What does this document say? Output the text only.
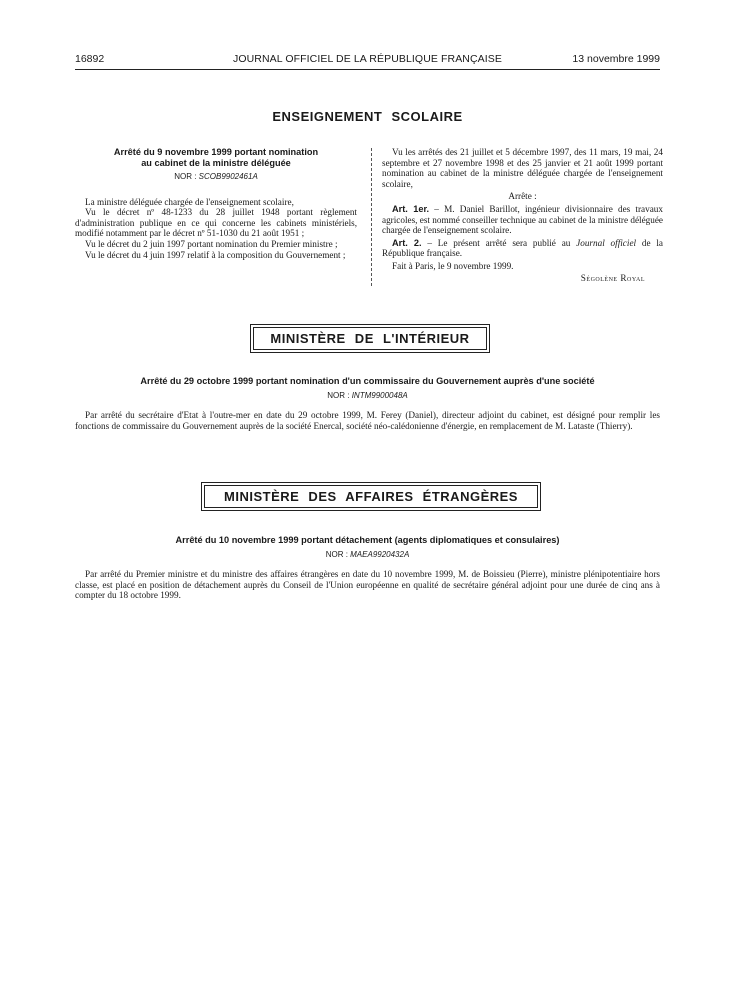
16892	JOURNAL OFFICIEL DE LA RÉPUBLIQUE FRANÇAISE	13 novembre 1999
ENSEIGNEMENT SCOLAIRE
Arrêté du 9 novembre 1999 portant nomination
au cabinet de la ministre déléguée
NOR : SCOB9902461A

La ministre déléguée chargée de l'enseignement scolaire,

Vu le décret nº 48-1233 du 28 juillet 1948 portant règlement d'administration publique en ce qui concerne les cabinets ministériels, modifié notamment par le décret nº 51-1030 du 21 août 1951 ;

Vu le décret du 2 juin 1997 portant nomination du Premier ministre ;

Vu le décret du 4 juin 1997 relatif à la composition du Gouvernement ;

Vu les arrêtés des 21 juillet et 5 décembre 1997, des 11 mars, 19 mai, 24 septembre et 27 novembre 1998 et des 25 janvier et 21 août 1999 portant nomination au cabinet de la ministre déléguée chargée de l'enseignement scolaire,

Arrête :

Art. 1er. – M. Daniel Barillot, ingénieur divisionnaire des travaux agricoles, est nommé conseiller technique au cabinet de la ministre déléguée chargée de l'enseignement scolaire.

Art. 2. – Le présent arrêté sera publié au Journal officiel de la République française.

Fait à Paris, le 9 novembre 1999.

Ségolène Royal

MINISTÈRE DE L'INTÉRIEUR
Arrêté du 29 octobre 1999 portant nomination d'un commissaire du Gouvernement auprès d'une société
NOR : INTM9900048A

Par arrêté du secrétaire d'Etat à l'outre-mer en date du 29 octobre 1999, M. Ferey (Daniel), directeur adjoint du cabinet, est désigné pour remplir les fonctions de commissaire du Gouvernement auprès de la société Enercal, société néo-calédonienne d'énergie, en remplacement de M. Lataste (Thierry).

MINISTÈRE DES AFFAIRES ÉTRANGÈRES
Arrêté du 10 novembre 1999 portant détachement (agents diplomatiques et consulaires)
NOR : MAEA9920432A

Par arrêté du Premier ministre et du ministre des affaires étrangères en date du 10 novembre 1999, M. de Boissieu (Pierre), ministre plénipotentiaire hors classe, est placé en position de détachement auprès du Conseil de l'Union européenne en qualité de secrétaire général adjoint pour une durée de cinq ans à compter du 18 octobre 1999.
